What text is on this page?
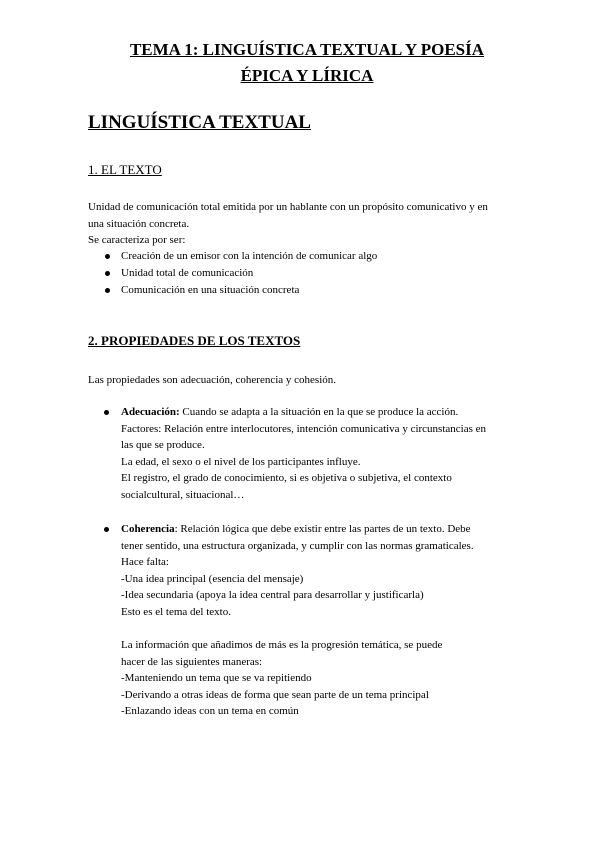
TEMA 1: LINGUÍSTICA TEXTUAL Y POESÍA
ÉPICA Y LÍRICA
LINGUÍSTICA TEXTUAL
1. EL TEXTO
Unidad de comunicación total emitida por un hablante con un propósito comunicativo y en
una situación concreta.
Se caracteriza por ser:
Creación de un emisor con la intención de comunicar algo
Unidad total de comunicación
Comunicación en una situación concreta
2. PROPIEDADES DE LOS TEXTOS
Las propiedades son adecuación, coherencia y cohesión.
Adecuación: Cuando se adapta a la situación en la que se produce la acción.
Factores: Relación entre interlocutores, intención comunicativa y circunstancias en
las que se produce.
La edad, el sexo o el nivel de los participantes influye.
El registro, el grado de conocimiento, si es objetiva o subjetiva, el contexto
socialcultural, situacional…
Coherencia: Relación lógica que debe existir entre las partes de un texto. Debe
tener sentido, una estructura organizada, y cumplir con las normas gramaticales.
Hace falta:
-Una idea principal (esencia del mensaje)
-Idea secundaria (apoya la idea central para desarrollar y justificarla)
Esto es el tema del texto.
La información que añadimos de más es la progresión temática, se puede
hacer de las siguientes maneras:
-Manteniendo un tema que se va repitiendo
-Derivando a otras ideas de forma que sean parte de un tema principal
-Enlazando ideas con un tema en común
